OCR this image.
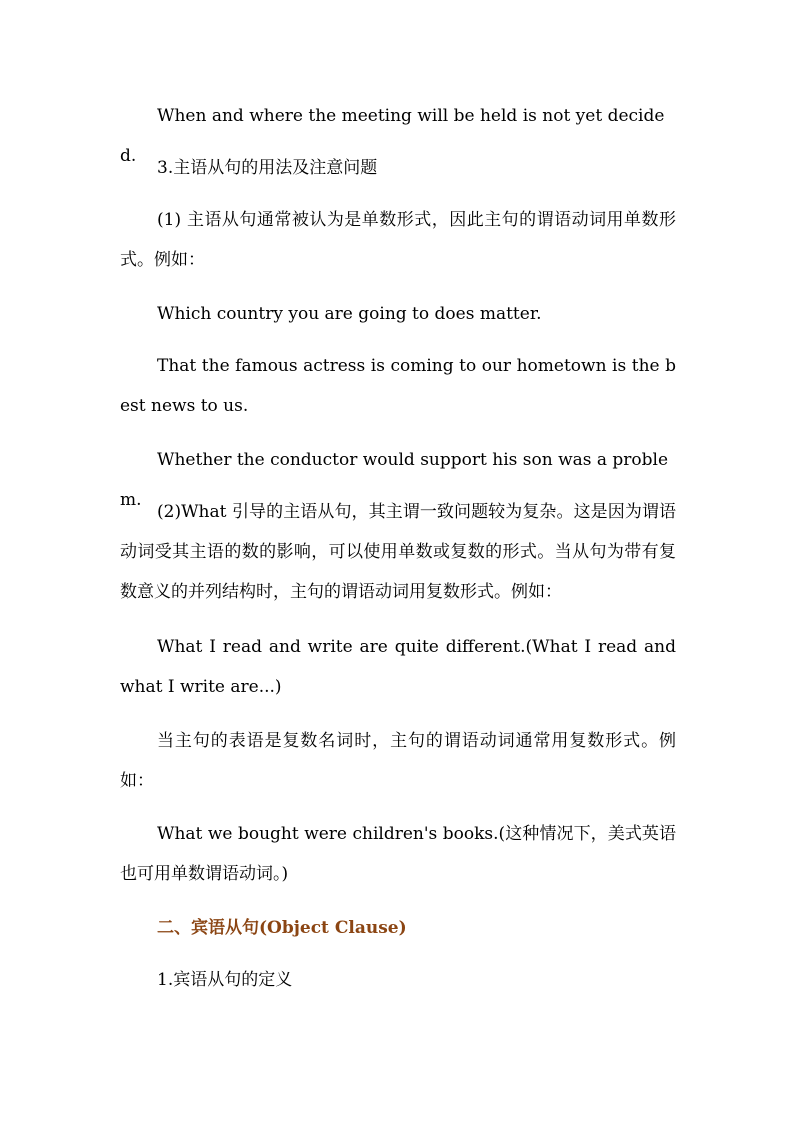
When and where the meeting will be held is not yet decided.

3.主语从句的用法及注意问题

(1) 主语从句通常被认为是单数形式，因此主句的谓语动词用单数形式。例如：

Which country you are going to does matter.

That the famous actress is coming to our hometown is the best news to us.

Whether the conductor would support his son was a problem.

(2)What 引导的主语从句，其主谓一致问题较为复杂。这是因为谓语动词受其主语的数的影响，可以使用单数或复数的形式。当从句为带有复数意义的并列结构时，主句的谓语动词用复数形式。例如：

What I read and write are quite different.(What I read and what I write are...)

当主句的表语是复数名词时，主句的谓语动词通常用复数形式。例如：

What we bought were children's books.(这种情况下，美式英语也可用单数谓语动词。)

二、宾语从句(Object Clause)

1.宾语从句的定义
